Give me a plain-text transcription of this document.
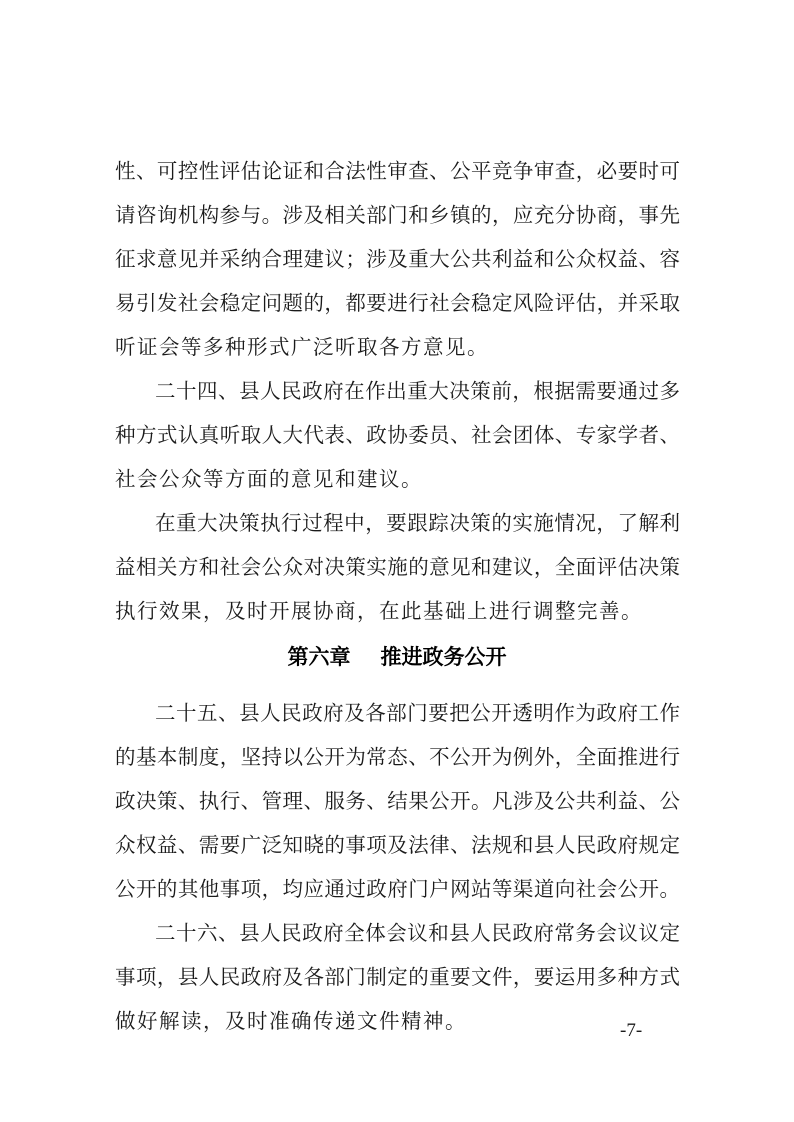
性、可控性评估论证和合法性审查、公平竞争审查，必要时可
请咨询机构参与。涉及相关部门和乡镇的，应充分协商，事先
征求意见并采纳合理建议；涉及重大公共利益和公众权益、容
易引发社会稳定问题的，都要进行社会稳定风险评估，并采取
听证会等多种形式广泛听取各方意见。
二十四、县人民政府在作出重大决策前，根据需要通过多
种方式认真听取人大代表、政协委员、社会团体、专家学者、
社会公众等方面的意见和建议。
在重大决策执行过程中，要跟踪决策的实施情况，了解利
益相关方和社会公众对决策实施的意见和建议，全面评估决策
执行效果，及时开展协商，在此基础上进行调整完善。
第六章 推进政务公开
二十五、县人民政府及各部门要把公开透明作为政府工作
的基本制度，坚持以公开为常态、不公开为例外，全面推进行
政决策、执行、管理、服务、结果公开。凡涉及公共利益、公
众权益、需要广泛知晓的事项及法律、法规和县人民政府规定
公开的其他事项，均应通过政府门户网站等渠道向社会公开。
二十六、县人民政府全体会议和县人民政府常务会议议定
事项，县人民政府及各部门制定的重要文件，要运用多种方式
做好解读，及时准确传递文件精神。	-7-
